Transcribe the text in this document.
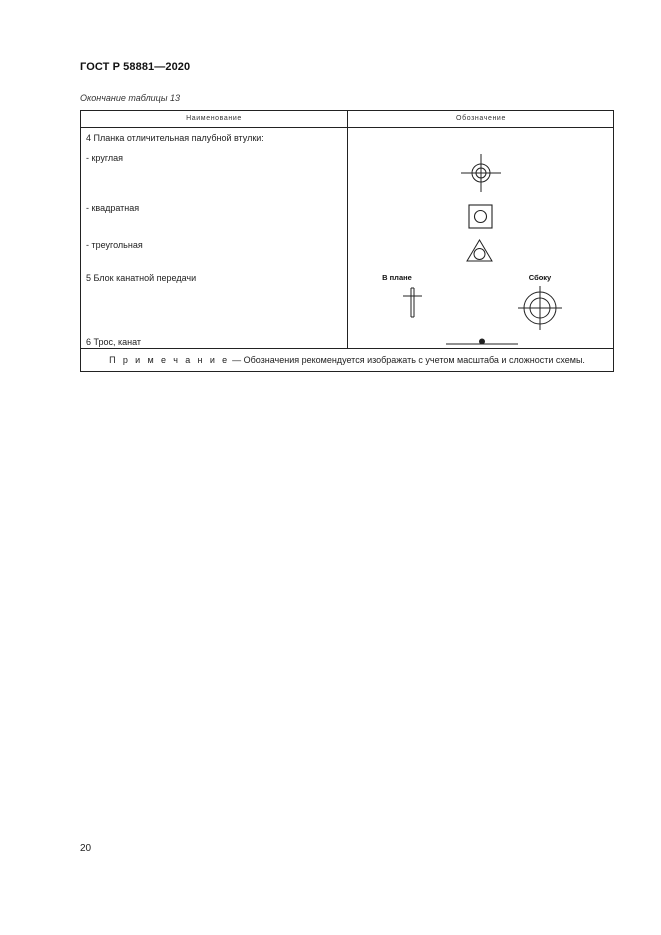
ГОСТ Р 58881—2020
Окончание таблицы 13
Наименование	Обозначение
4 Планка отличительная палубной втулки:
- круглая
- квадратная
- треугольная
5 Блок канатной передачи
6 Трос, канат
В плане	Сбоку
П р и м е ч а н и е — Обозначения рекомендуется изображать с учетом масштаба и сложности схемы.
20
